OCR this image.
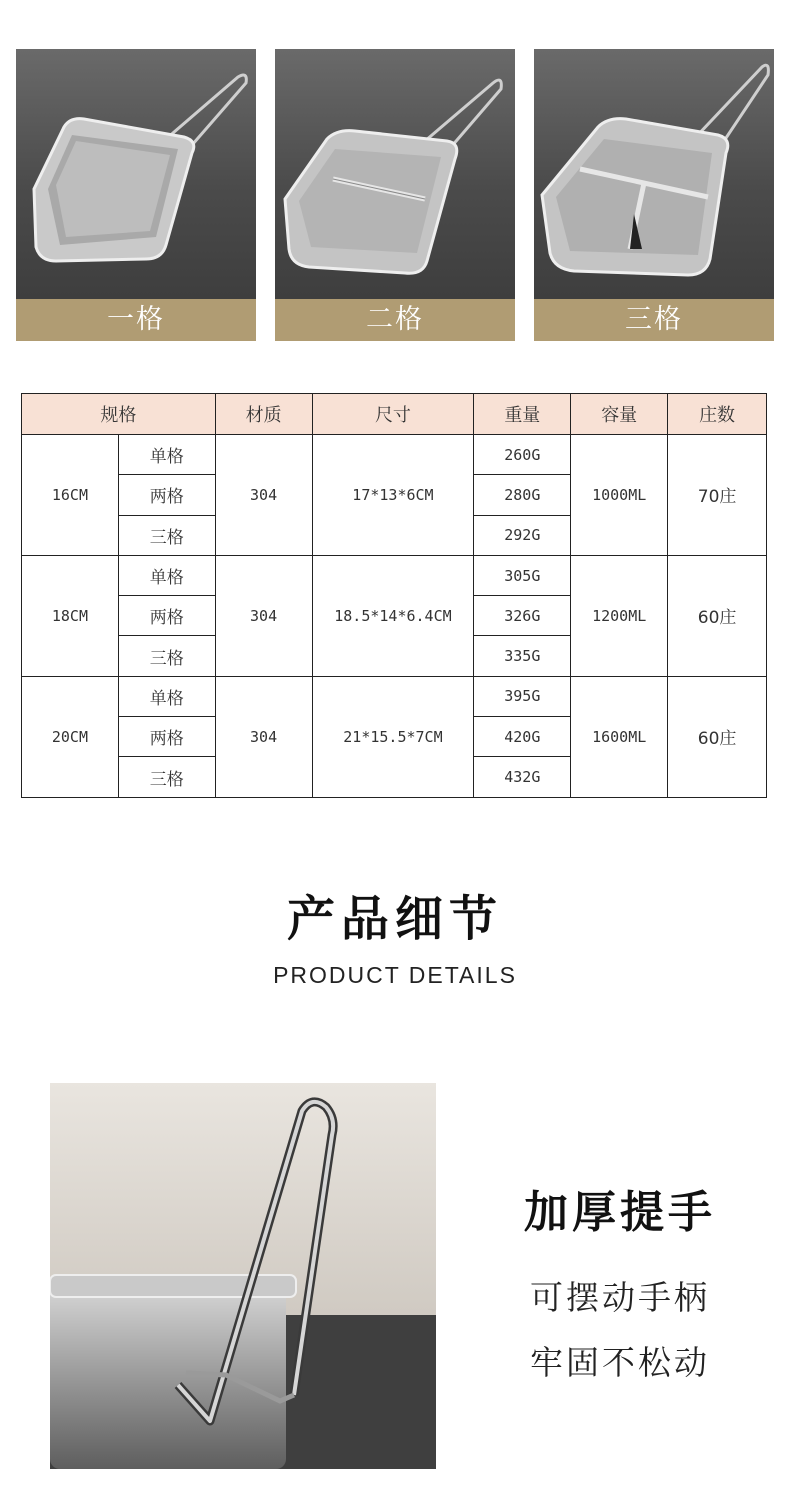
一格	二格	三格
规格		材质	尺寸	重量	容量	庄数
16CM	单格	304	17*13*6CM	260G	1000ML	70庄
	两格			280G		
	三格			292G		
18CM	单格	304	18.5*14*6.4CM	305G	1200ML	60庄
	两格			326G		
	三格			335G		
20CM	单格	304	21*15.5*7CM	395G	1600ML	60庄
	两格			420G		
	三格			432G		
产品细节
PRODUCT DETAILS
加厚提手
可摆动手柄
牢固不松动
